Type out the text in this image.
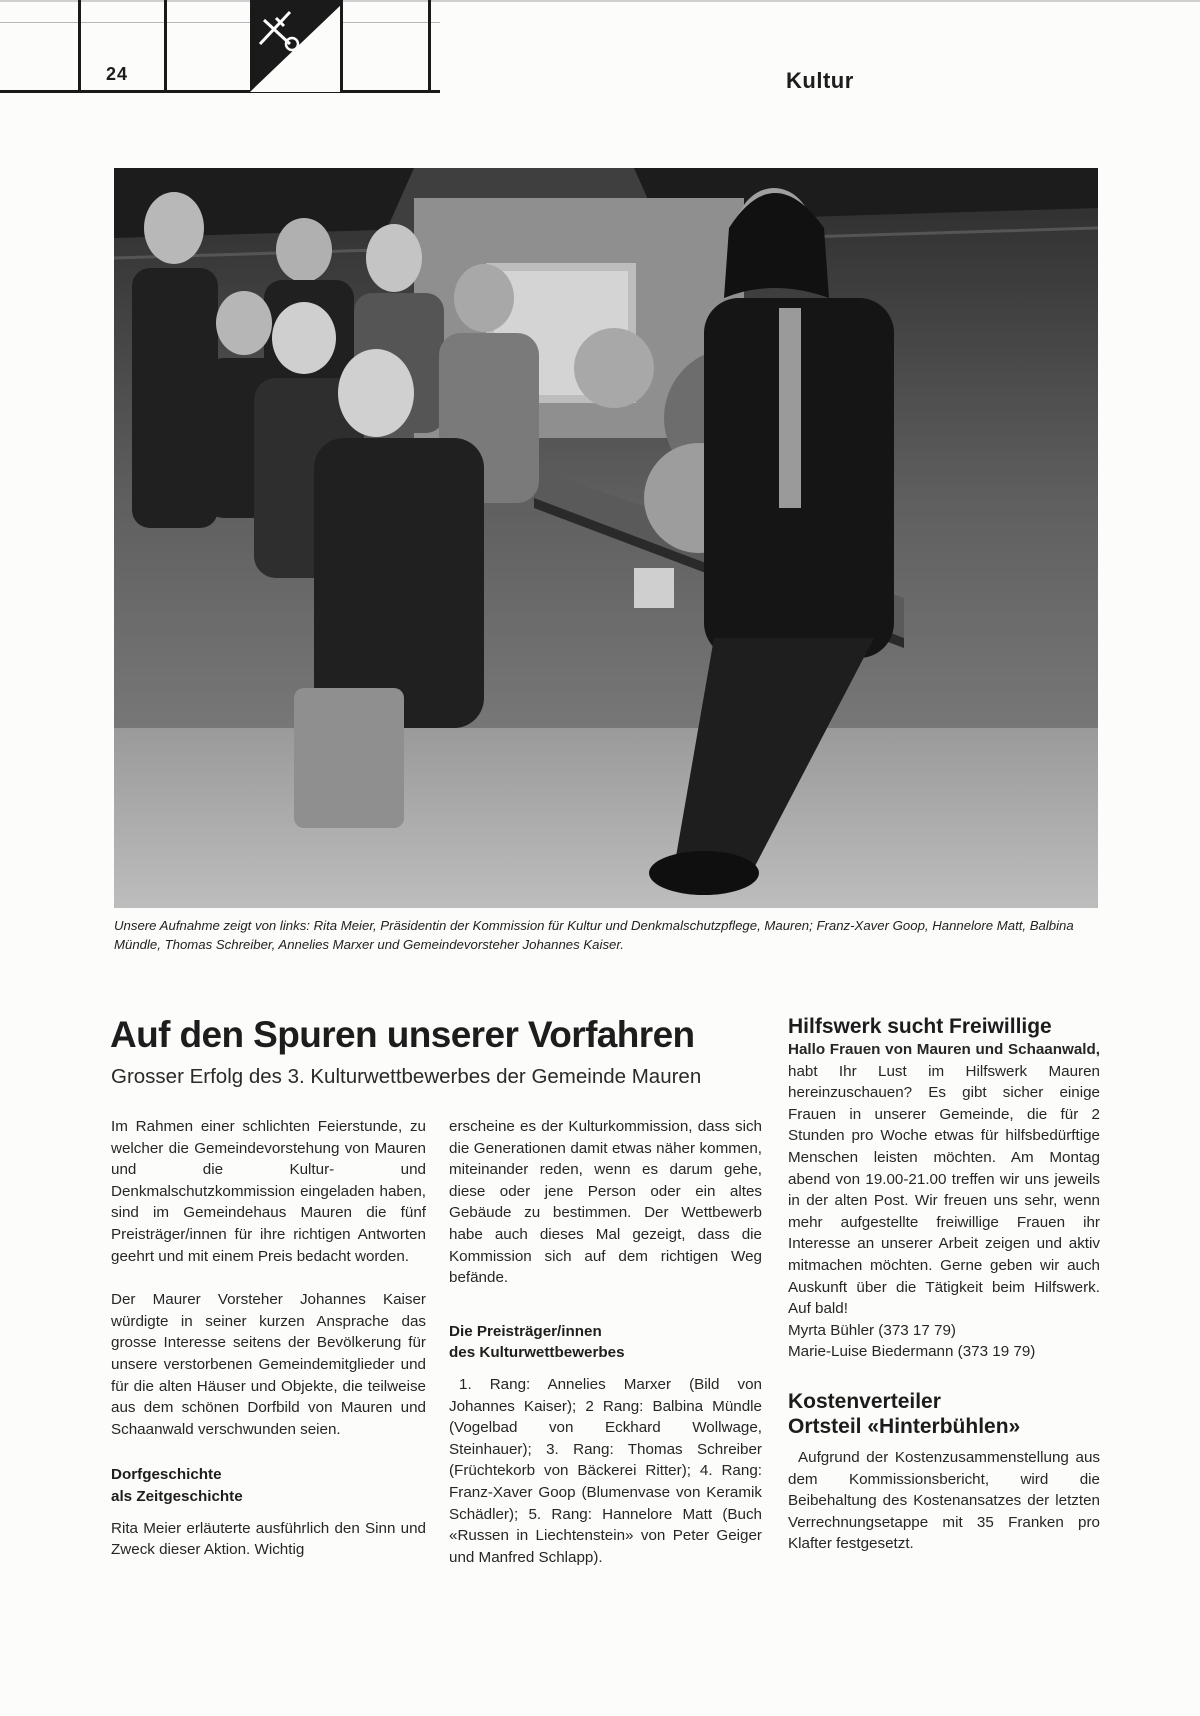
24	Kultur
Unsere Aufnahme zeigt von links: Rita Meier, Präsidentin der Kommission für Kultur und Denkmalschutzpflege, Mauren; Franz-Xaver Goop, Hannelore Matt, Balbina Mündle, Thomas Schreiber, Annelies Marxer und Gemeindevorsteher Johannes Kaiser.
Auf den Spuren unserer Vorfahren
Grosser Erfolg des 3. Kulturwettbewerbes der Gemeinde Mauren

Im Rahmen einer schlichten Feierstunde, zu welcher die Gemeindevorstehung von Mauren und die Kultur- und Denkmalschutzkommission eingeladen haben, sind im Gemeindehaus Mauren die fünf Preisträger/innen für ihre richtigen Antworten geehrt und mit einem Preis bedacht worden.

Der Maurer Vorsteher Johannes Kaiser würdigte in seiner kurzen Ansprache das grosse Interesse seitens der Bevölkerung für unsere verstorbenen Gemeindemitglieder und für die alten Häuser und Objekte, die teilweise aus dem schönen Dorfbild von Mauren und Schaanwald verschwunden seien.

Dorfgeschichte
als Zeitgeschichte

Rita Meier erläuterte ausführlich den Sinn und Zweck dieser Aktion. Wichtig

erscheine es der Kulturkommission, dass sich die Generationen damit etwas näher kommen, miteinander reden, wenn es darum gehe, diese oder jene Person oder ein altes Gebäude zu bestimmen. Der Wettbewerb habe auch dieses Mal gezeigt, dass die Kommission sich auf dem richtigen Weg befände.

Die Preisträger/innen
des Kulturwettbewerbes

1. Rang: Annelies Marxer (Bild von Johannes Kaiser); 2 Rang: Balbina Mündle (Vogelbad von Eckhard Wollwage, Steinhauer); 3. Rang: Thomas Schreiber (Früchtekorb von Bäckerei Ritter); 4. Rang: Franz-Xaver Goop (Blumenvase von Keramik Schädler); 5. Rang: Hannelore Matt (Buch «Russen in Liechtenstein» von Peter Geiger und Manfred Schlapp).

Hilfswerk sucht Freiwillige

Hallo Frauen von Mauren und Schaanwald, habt Ihr Lust im Hilfswerk Mauren hereinzuschauen? Es gibt sicher einige Frauen in unserer Gemeinde, die für 2 Stunden pro Woche etwas für hilfsbedürftige Menschen leisten möchten. Am Montag abend von 19.00-21.00 treffen wir uns jeweils in der alten Post. Wir freuen uns sehr, wenn mehr aufgestellte freiwillige Frauen ihr Interesse an unserer Arbeit zeigen und aktiv mitmachen möchten. Gerne geben wir auch Auskunft über die Tätigkeit beim Hilfswerk. Auf bald!

Myrta Bühler (373 17 79)

Marie-Luise Biedermann (373 19 79)

Kostenverteiler
Ortsteil «Hinterbühlen»

Aufgrund der Kostenzusammenstellung aus dem Kommissionsbericht, wird die Beibehaltung des Kostenansatzes der letzten Verrechnungsetappe mit 35 Franken pro Klafter festgesetzt.
